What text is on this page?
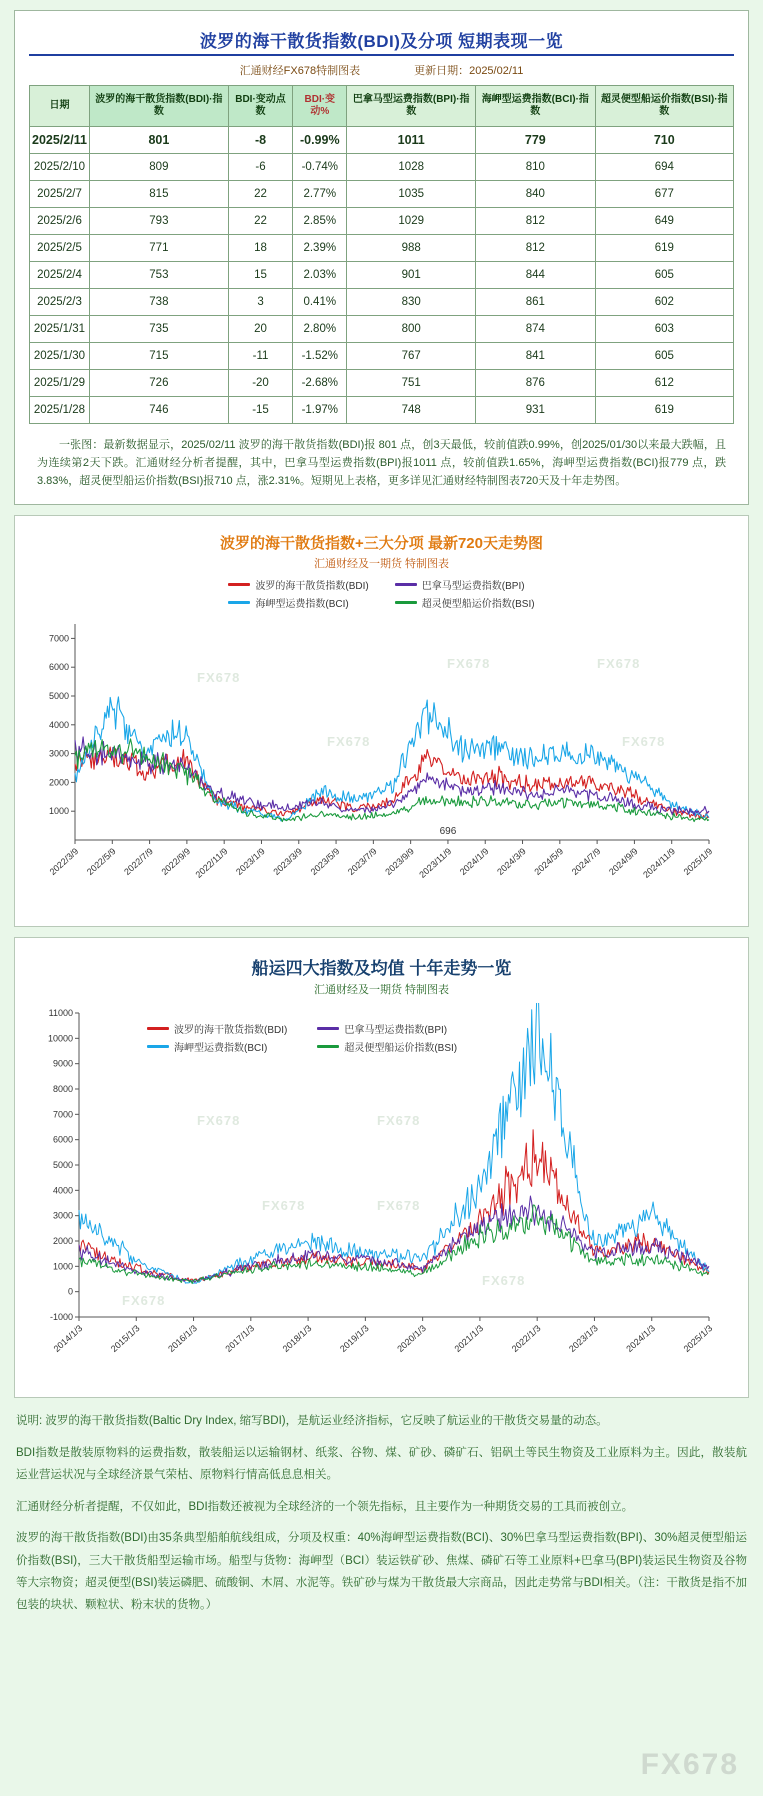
波罗的海干散货指数(BDI)及分项 短期表现一览
汇通财经FX678特制图表	更新日期：2025/02/11
日期	波罗的海干散货指数(BDI)·指数	BDI·变动点数	BDI·变动%	巴拿马型运费指数(BPI)·指数	海岬型运费指数(BCI)·指数	超灵便型船运价指数(BSI)·指数
2025/2/11	801	-8	-0.99%	1011	779	710
2025/2/10	809	-6	-0.74%	1028	810	694
2025/2/7	815	22	2.77%	1035	840	677
2025/2/6	793	22	2.85%	1029	812	649
2025/2/5	771	18	2.39%	988	812	619
2025/2/4	753	15	2.03%	901	844	605
2025/2/3	738	3	0.41%	830	861	602
2025/1/31	735	20	2.80%	800	874	603
2025/1/30	715	-11	-1.52%	767	841	605
2025/1/29	726	-20	-2.68%	751	876	612
2025/1/28	746	-15	-1.97%	748	931	619
一张图：最新数据显示，2025/02/11 波罗的海干散货指数(BDI)报 801 点，创3天最低，较前值跌0.99%，创2025/01/30以来最大跌幅，且为连续第2天下跌。汇通财经分析者提醒，其中，巴拿马型运费指数(BPI)报1011 点，较前值跌1.65%，海岬型运费指数(BCI)报779 点，跌3.83%，超灵便型船运价指数(BSI)报710 点，涨2.31%。短期见上表格，更多详见汇通财经特制图表720天及十年走势图。
波罗的海干散货指数+三大分项 最新720天走势图
汇通财经及一期货 特制图表
波罗的海干散货指数(BDI)
海岬型运费指数(BCI)
巴拿马型运费指数(BPI)
超灵便型船运价指数(BSI)
1000
2000
3000
4000
5000
6000
7000
2022/3/9 2022/5/9 2022/7/9 2022/9/9 2022/11/9 2023/1/9 2023/3/9 2023/5/9 2023/7/9 2023/9/9 2023/11/9 2024/1/9 2024/3/9 2024/5/9 2024/7/9 2024/9/9 2024/11/9 2025/1/9
696
FX678
FX678	FX678
FX678	FX678
船运四大指数及均值 十年走势一览
汇通财经及一期货 特制图表
-1000
0
1000
2000
3000
4000
5000
6000
7000
8000
9000
10000
11000
2014/1/3	2015/1/3	2016/1/3	2017/1/3	2018/1/3	2019/1/3	2020/1/3	2021/1/3	2022/1/3	2023/1/3	2024/1/3	2025/1/3
波罗的海干散货指数(BDI)
海岬型运费指数(BCI)
巴拿马型运费指数(BPI)
超灵便型船运价指数(BSI)
FX678	FX678
FX678	FX678
FX678
FX678

说明: 波罗的海干散货指数(Baltic Dry Index, 缩写BDI)，是航运业经济指标，它反映了航运业的干散货交易量的动态。

BDI指数是散装原物料的运费指数，散装船运以运输钢材、纸浆、谷物、煤、矿砂、磷矿石、铝矾土等民生物资及工业原料为主。因此，散装航运业营运状况与全球经济景气荣枯、原物料行情高低息息相关。

汇通财经分析者提醒，不仅如此，BDI指数还被视为全球经济的一个领先指标，且主要作为一种期货交易的工具而被创立。

波罗的海干散货指数(BDI)由35条典型船舶航线组成，分项及权重：40%海岬型运费指数(BCI)、30%巴拿马型运费指数(BPI)、30%超灵便型船运价指数(BSI)，三大干散货船型运输市场。船型与货物：海岬型（BCI）装运铁矿砂、焦煤、磷矿石等工业原料+巴拿马(BPI)装运民生物资及谷物等大宗物资；超灵便型(BSI)装运磷肥、硫酸铜、木屑、水泥等。铁矿砂与煤为干散货最大宗商品，因此走势常与BDI相关。（注：干散货是指不加包装的块状、颗粒状、粉末状的货物。）

FX678
